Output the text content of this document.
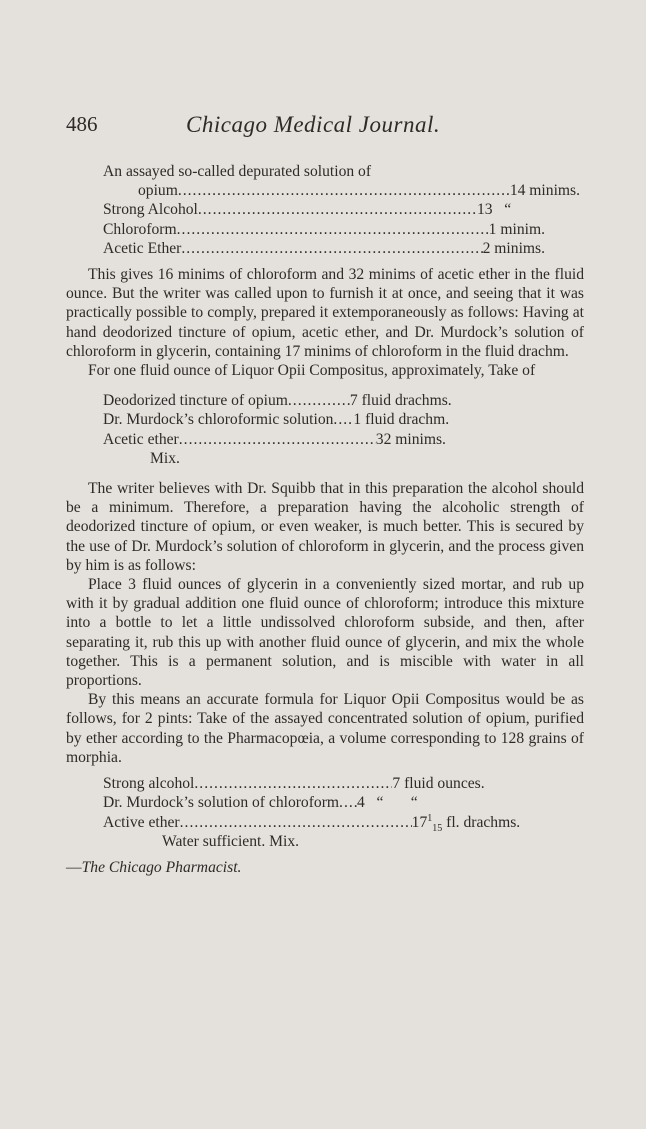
486	Chicago Medical Journal.
An assayed so-called depurated solution of
opium .....	14 minims.
Strong Alcohol .....	13   “
Chloroform .....	1 minim.
Acetic Ether .....	2 minims.

This gives 16 minims of chloroform and 32 minims of acetic ether in the fluid ounce. But the writer was called upon to furnish it at once, and seeing that it was practically possible to comply, prepared it extemporaneously as follows: Having at hand deodorized tincture of opium, acetic ether, and Dr. Murdock’s solution of chloroform in glycerin, containing 17 minims of chloroform in the fluid drachm.

For one fluid ounce of Liquor Opii Compositus, approximately, Take of

Deodorized tincture of opium .....	7 fluid drachms.
Dr. Murdock’s chloroformic solution ..... 1 fluid drachm.
Acetic ether .....	32 minims.
Mix.

The writer believes with Dr. Squibb that in this preparation the alcohol should be a minimum. Therefore, a preparation having the alcoholic strength of deodorized tincture of opium, or even weaker, is much better. This is secured by the use of Dr. Murdock’s solution of chloroform in glycerin, and the process given by him is as follows:

Place 3 fluid ounces of glycerin in a conveniently sized mortar, and rub up with it by gradual addition one fluid ounce of chloroform; introduce this mixture into a bottle to let a little undissolved chloroform subside, and then, after separating it, rub this up with another fluid ounce of glycerin, and mix the whole together. This is a permanent solution, and is miscible with water in all proportions.

By this means an accurate formula for Liquor Opii Compositus would be as follows, for 2 pints: Take of the assayed concentrated solution of opium, purified by ether according to the Pharmacopœia, a volume corresponding to 128 grains of morphia.

Strong alcohol .....	7 fluid ounces.
Dr. Murdock’s solution of chloroform ..... 4   “       “
Active ether .....	$17^1_{15}$ fl. drachms.
Water sufficient. Mix.
—The Chicago Pharmacist.
